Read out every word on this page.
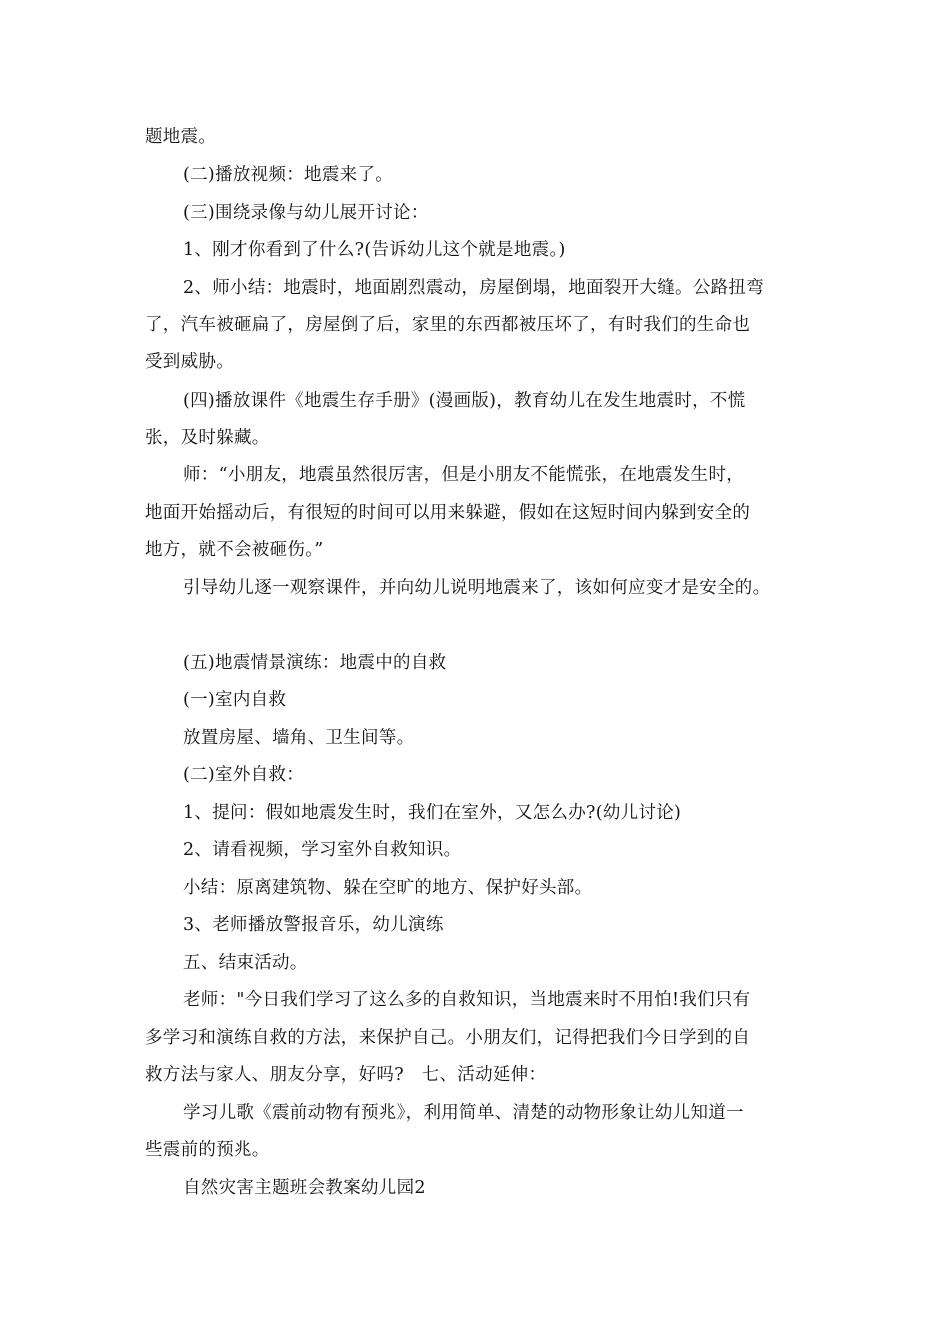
题地震。
(二)播放视频：地震来了。
(三)围绕录像与幼儿展开讨论：
1、刚才你看到了什么?(告诉幼儿这个就是地震。)
2、师小结：地震时，地面剧烈震动，房屋倒塌，地面裂开大缝。公路扭弯
了，汽车被砸扁了，房屋倒了后，家里的东西都被压坏了，有时我们的生命也
受到威胁。
(四)播放课件《地震生存手册》(漫画版)，教育幼儿在发生地震时，不慌
张，及时躲藏。
师：“小朋友，地震虽然很厉害，但是小朋友不能慌张，在地震发生时，
地面开始摇动后，有很短的时间可以用来躲避，假如在这短时间内躲到安全的
地方，就不会被砸伤。”
引导幼儿逐一观察课件，并向幼儿说明地震来了，该如何应变才是安全的。
(五)地震情景演练：地震中的自救
(一)室内自救
放置房屋、墙角、卫生间等。
(二)室外自救：
1、提问：假如地震发生时，我们在室外，又怎么办?(幼儿讨论)
2、请看视频，学习室外自救知识。
小结：原离建筑物、躲在空旷的地方、保护好头部。
3、老师播放警报音乐，幼儿演练
五、结束活动。
老师："今日我们学习了这么多的自救知识，当地震来时不用怕!我们只有
多学习和演练自救的方法，来保护自己。小朋友们，记得把我们今日学到的自
救方法与家人、朋友分享，好吗?　七、活动延伸：
学习儿歌《震前动物有预兆》，利用简单、清楚的动物形象让幼儿知道一
些震前的预兆。
自然灾害主题班会教案幼儿园2
